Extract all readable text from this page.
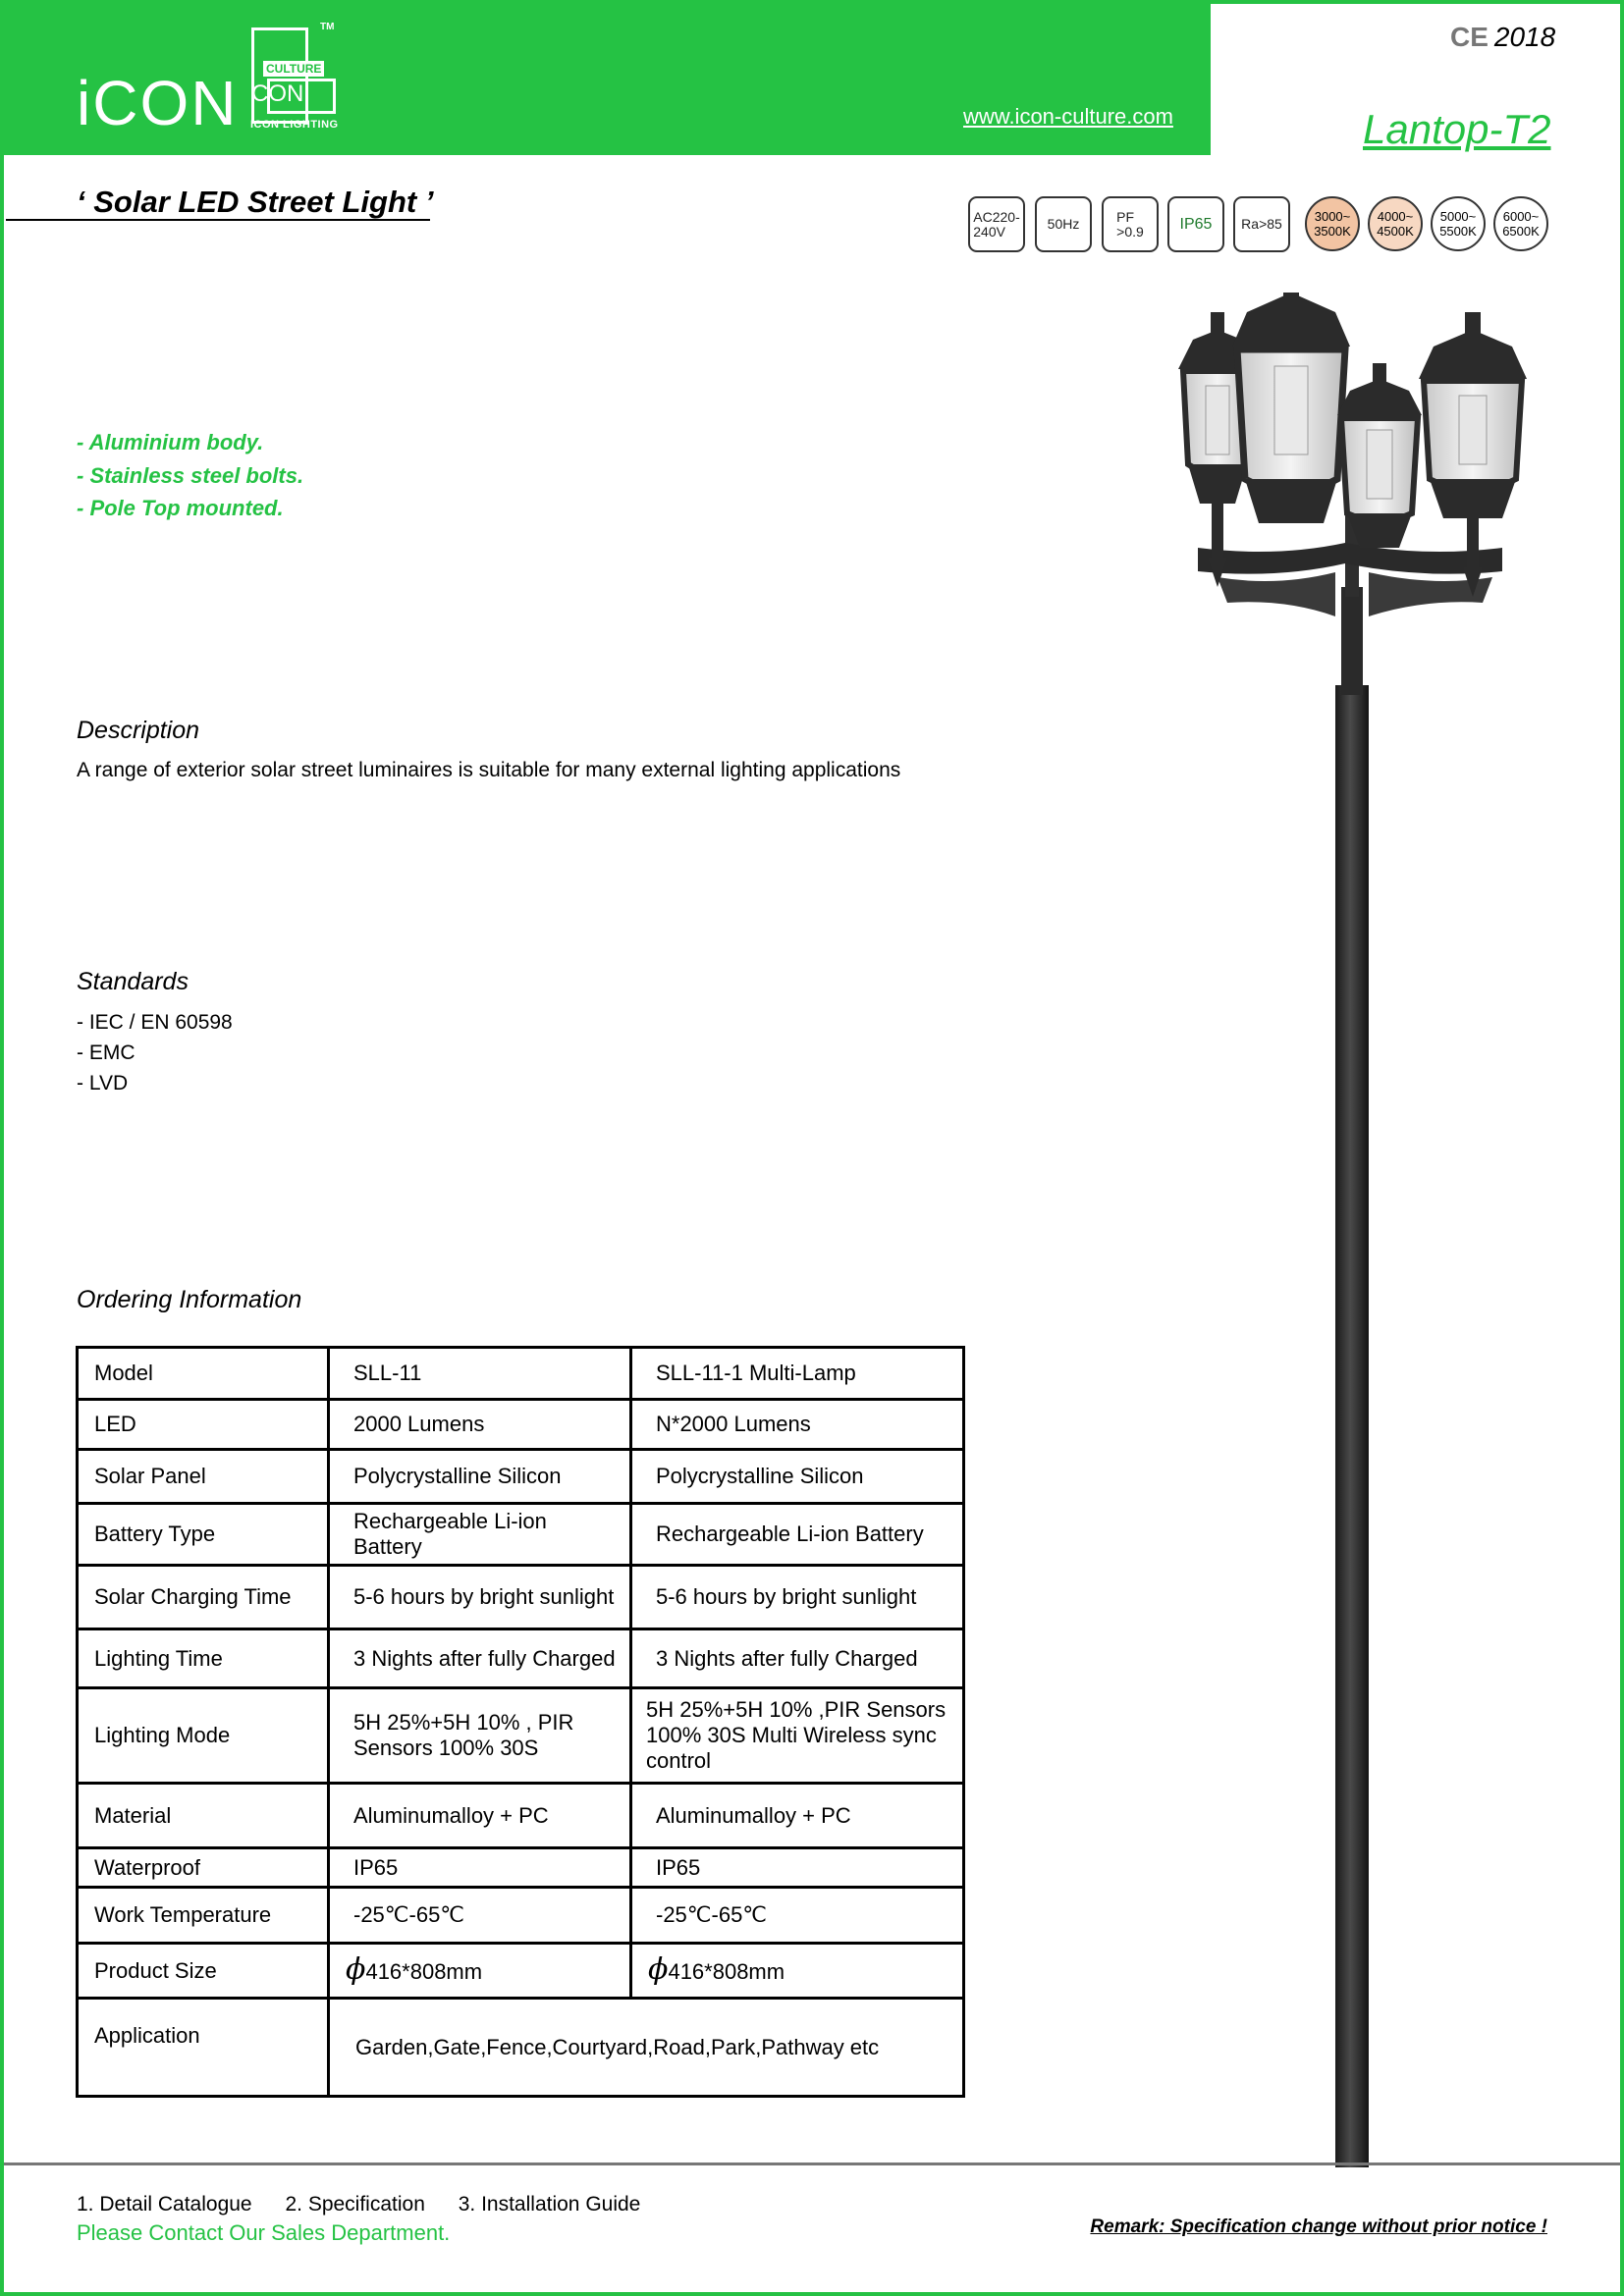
iCON CULTURE
CON
TM
ICON LIGHTING	www.icon-culture.com
CE 2018
Lantop-T2
‘ Solar LED Street Light ’	AC220-
240V	50Hz	PF
>0.9 IP65 Ra>85	3000~
3500K
4000~
4500K
5000~
5500K
6000~
6500K
- Aluminium body.
- Stainless steel bolts.
- Pole Top mounted.
Description
A range of exterior solar street luminaires is suitable for many external lighting applications
Standards
- IEC / EN 60598
- EMC
- LVD
Ordering Information
Model	SLL-11	SLL-11-1 Multi-Lamp
LED	2000 Lumens	N*2000 Lumens
Solar Panel	Polycrystalline Silicon	Polycrystalline Silicon
Battery Type	Rechargeable Li-ion Battery	Rechargeable Li-ion Battery
Solar Charging Time	5-6 hours by bright sunlight	5-6 hours by bright sunlight
Lighting Time	3 Nights after fully Charged	3 Nights after fully Charged
Lighting Mode	5H 25%+5H 10% , PIR Sensors 100% 30S	5H 25%+5H 10% ,PIR Sensors 100% 30S Multi Wireless sync control
Material	Aluminumalloy + PC	Aluminumalloy + PC
Waterproof	IP65	IP65
Work Temperature	-25℃-65℃	-25℃-65℃
Product Size	ϕ416*808mm	ϕ416*808mm
Application	Garden,Gate,Fence,Courtyard,Road,Park,Pathway etc	
1. Detail Catalogue 2. Specification 3. Installation Guide
Please Contact Our Sales Department.	Remark: Specification change without prior notice !
